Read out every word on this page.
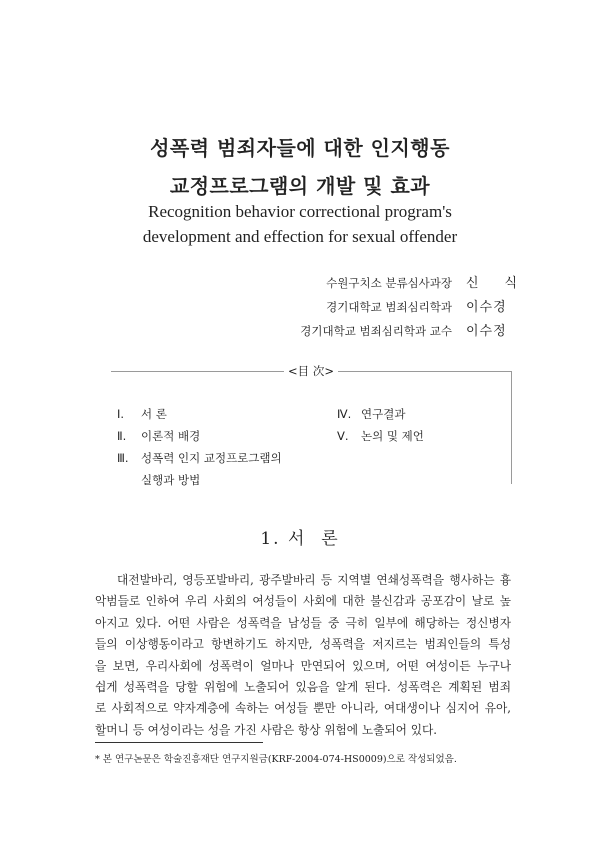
성폭력 범죄자들에 대한 인지행동
교정프로그램의 개발 및 효과
Recognition behavior correctional program's
development and effection for sexual offender
수원구치소 분류심사과장 신 식
경기대학교 범죄심리학과 이수경
경기대학교 범죄심리학과 교수 이수정
<目 次>
Ⅰ. 서 론
Ⅱ. 이론적 배경
Ⅲ. 성폭력 인지 교정프로그램의
실행과 방법
Ⅳ. 연구결과
Ⅴ. 논의 및 제언
1. 서  론
대전발바리, 영등포발바리, 광주발바리 등 지역별 연쇄성폭력을 행사하는 흉
악범들로 인하여 우리 사회의 여성들이 사회에 대한 불신감과 공포감이 날로 높
아지고 있다. 어떤 사람은 성폭력을 남성들 중 극히 일부에 해당하는 정신병자
들의 이상행동이라고 항변하기도 하지만, 성폭력을 저지르는 범죄인들의 특성
을 보면, 우리사회에 성폭력이 얼마나 만연되어 있으며, 어떤 여성이든 누구나
쉽게 성폭력을 당할 위험에 노출되어 있음을 알게 된다. 성폭력은 계획된 범죄
로 사회적으로 약자계층에 속하는 여성들 뿐만 아니라, 여대생이나 심지어 유아,
할머니 등 여성이라는 성을 가진 사람은 항상 위험에 노출되어 있다.
* 본 연구논문은 학술진흥재단 연구지원금(KRF-2004-074-HS0009)으로 작성되었음.
